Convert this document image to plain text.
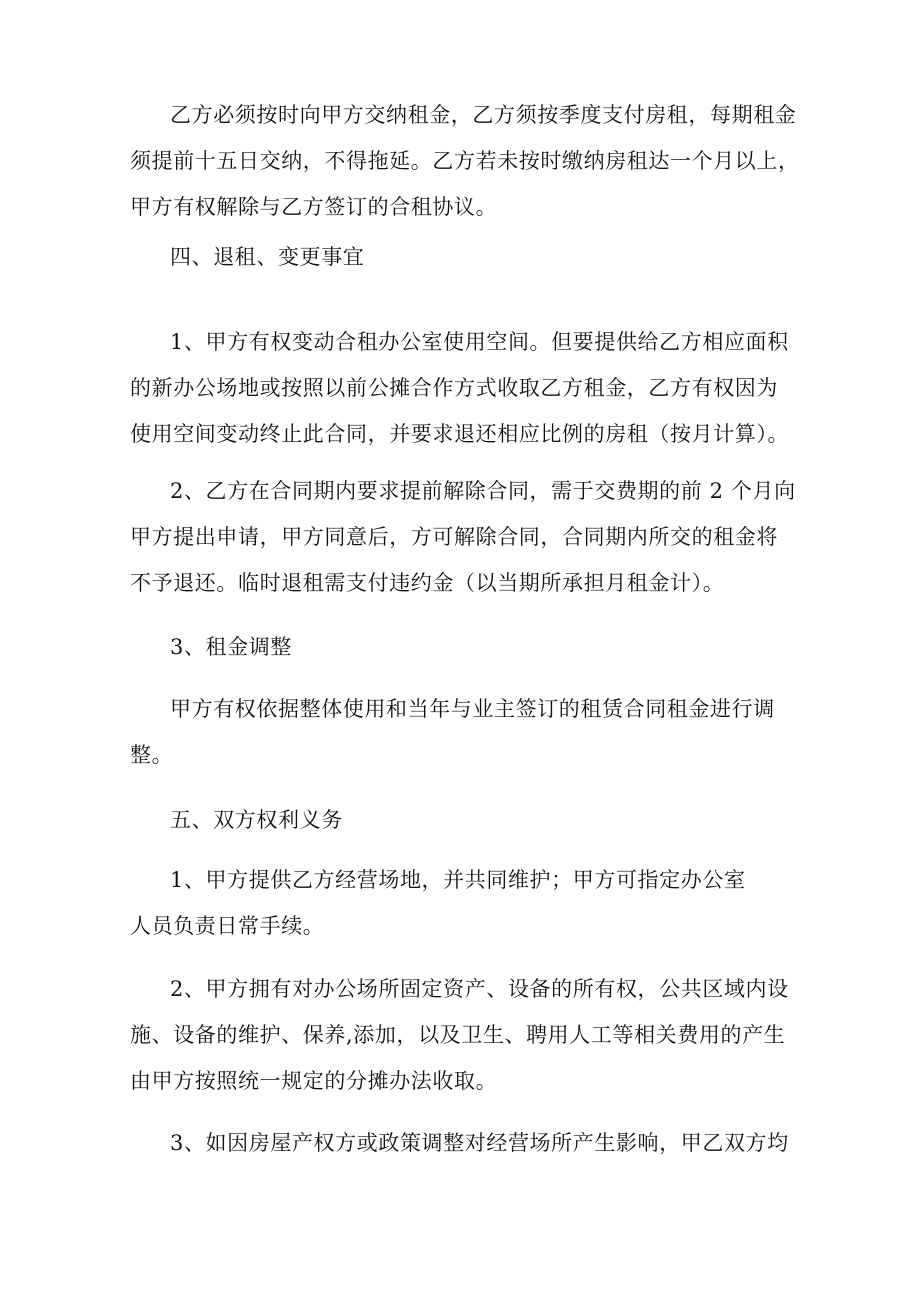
乙方必须按时向甲方交纳租金，乙方须按季度支付房租，每期租金
须提前十五日交纳，不得拖延。乙方若未按时缴纳房租达一个月以上，
甲方有权解除与乙方签订的合租协议。
四、退租、变更事宜
1、甲方有权变动合租办公室使用空间。但要提供给乙方相应面积
的新办公场地或按照以前公摊合作方式收取乙方租金，乙方有权因为
使用空间变动终止此合同，并要求退还相应比例的房租（按月计算）。
2、乙方在合同期内要求提前解除合同，需于交费期的前 2 个月向
甲方提出申请，甲方同意后，方可解除合同，合同期内所交的租金将
不予退还。临时退租需支付违约金（以当期所承担月租金计）。
3、租金调整
甲方有权依据整体使用和当年与业主签订的租赁合同租金进行调
整。
五、双方权利义务
1、甲方提供乙方经营场地，并共同维护；甲方可指定办公室
人员负责日常手续。
2、甲方拥有对办公场所固定资产、设备的所有权，公共区域内设
施、设备的维护、保养,添加，以及卫生、聘用人工等相关费用的产生
由甲方按照统一规定的分摊办法收取。
3、如因房屋产权方或政策调整对经营场所产生影响，甲乙双方均
